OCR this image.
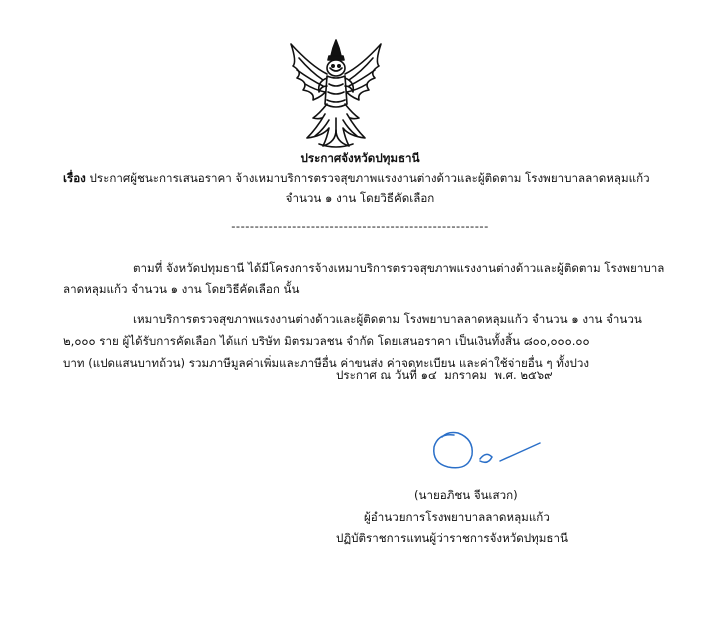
ประกาศจังหวัดปทุมธานี
เรื่อง ประกาศผู้ชนะการเสนอราคา จ้างเหมาบริการตรวจสุขภาพแรงงานต่างด้าวและผู้ติดตาม โรงพยาบาลลาดหลุมแก้ว
จำนวน ๑ งาน โดยวิธีคัดเลือก
-------------------------------------------------------
ตามที่ จังหวัดปทุมธานี ได้มีโครงการจ้างเหมาบริการตรวจสุขภาพแรงงานต่างด้าวและผู้ติดตาม โรงพยาบาล
ลาดหลุมแก้ว จำนวน ๑ งาน โดยวิธีคัดเลือก นั้น
เหมาบริการตรวจสุขภาพแรงงานต่างด้าวและผู้ติดตาม โรงพยาบาลลาดหลุมแก้ว จำนวน ๑ งาน จำนวน
๒,๐๐๐ ราย ผู้ได้รับการคัดเลือก ได้แก่ บริษัท มิตรมวลชน จำกัด โดยเสนอราคา เป็นเงินทั้งสิ้น ๘๐๐,๐๐๐.๐๐
บาท (แปดแสนบาทถ้วน) รวมภาษีมูลค่าเพิ่มและภาษีอื่น ค่าขนส่ง ค่าจดทะเบียน และค่าใช้จ่ายอื่น ๆ ทั้งปวง
ประกาศ ณ วันที่ ๑๔ มกราคม พ.ศ. ๒๕๖๙
(นายอภิชน จีนเสวก)
ผู้อำนวยการโรงพยาบาลลาดหลุมแก้ว
ปฏิบัติราชการแทนผู้ว่าราชการจังหวัดปทุมธานี
